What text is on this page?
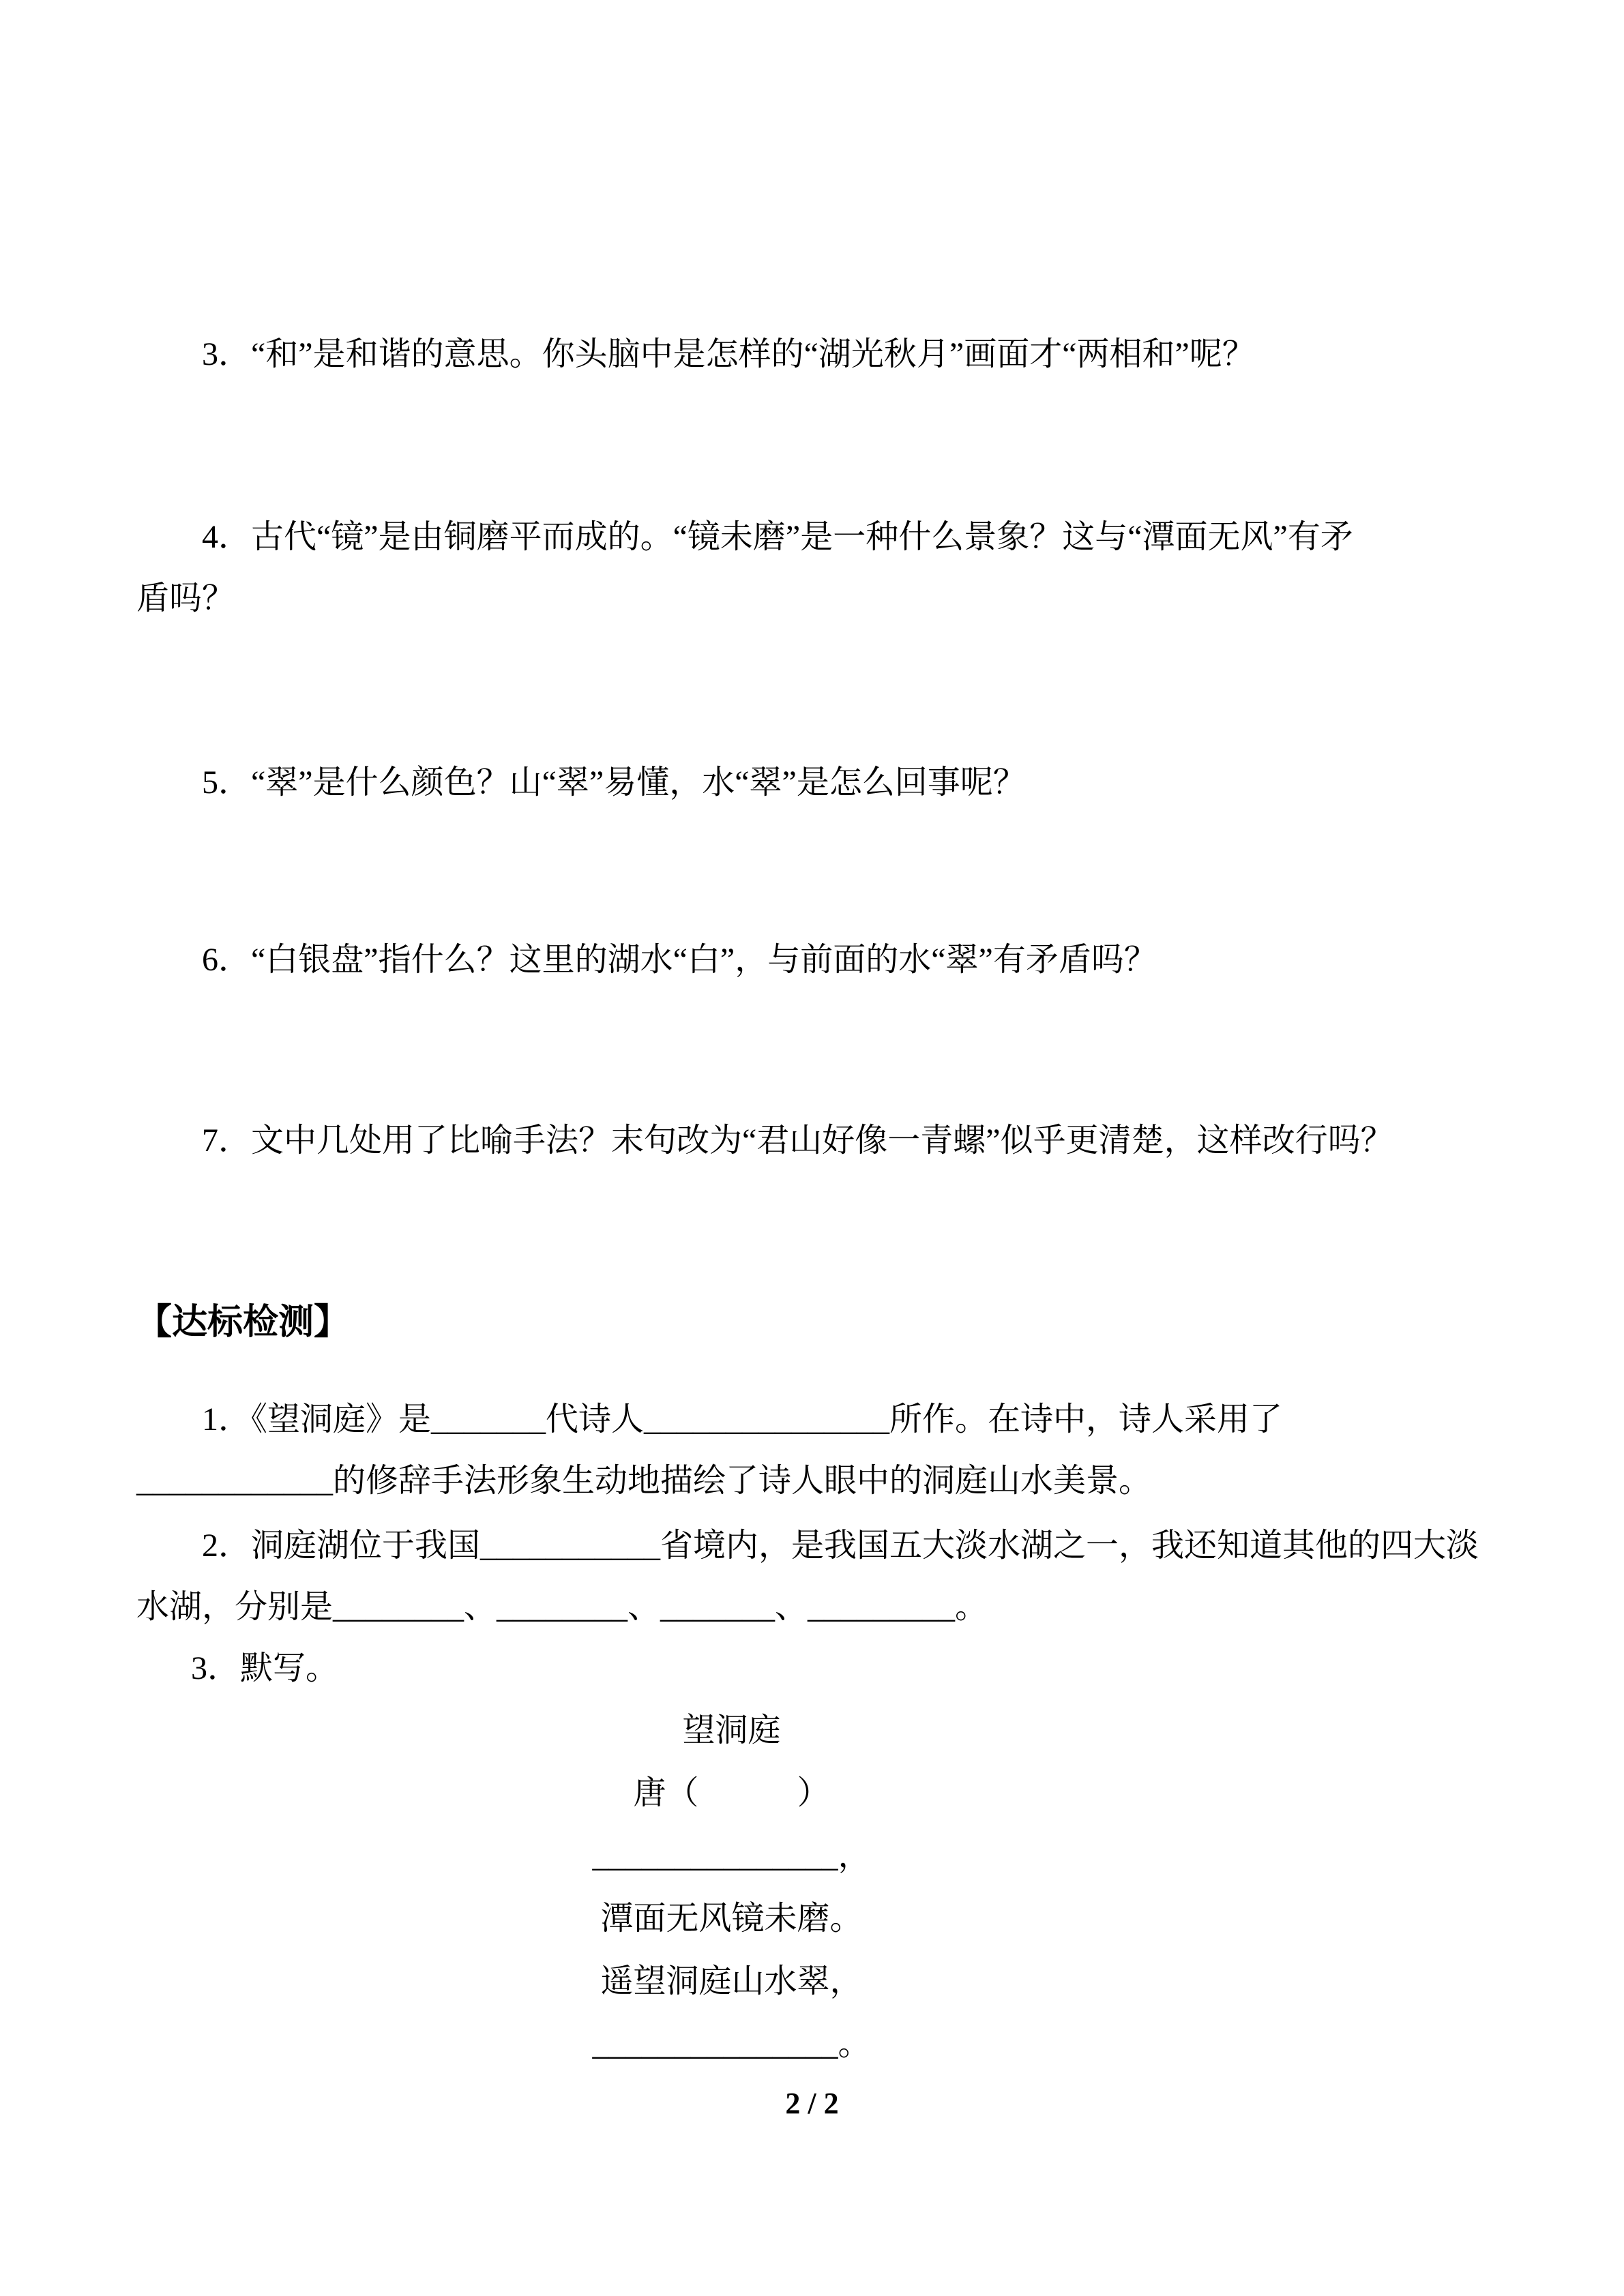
3．“和”是和谐的意思。你头脑中是怎样的“湖光秋月”画面才“两相和”呢？

4．古代“镜”是由铜磨平而成的。“镜未磨”是一种什么景象？这与“潭面无风”有矛

盾吗？

5．“翠”是什么颜色？山“翠”易懂，水“翠”是怎么回事呢？

6．“白银盘”指什么？这里的湖水“白”，与前面的水“翠”有矛盾吗？

7．文中几处用了比喻手法？末句改为“君山好像一青螺”似乎更清楚，这样改行吗？

【达标检测】

1．《望洞庭》是_______代诗人_______________所作。在诗中，诗人采用了

____________的修辞手法形象生动地描绘了诗人眼中的洞庭山水美景。

2．洞庭湖位于我国___________省境内，是我国五大淡水湖之一，我还知道其他的四大淡

水湖，分别是________、________、_______、_________。

3．默写。

望洞庭

唐（　　　）

_______________，

潭面无风镜未磨。

遥望洞庭山水翠，

_______________。

2 / 2
